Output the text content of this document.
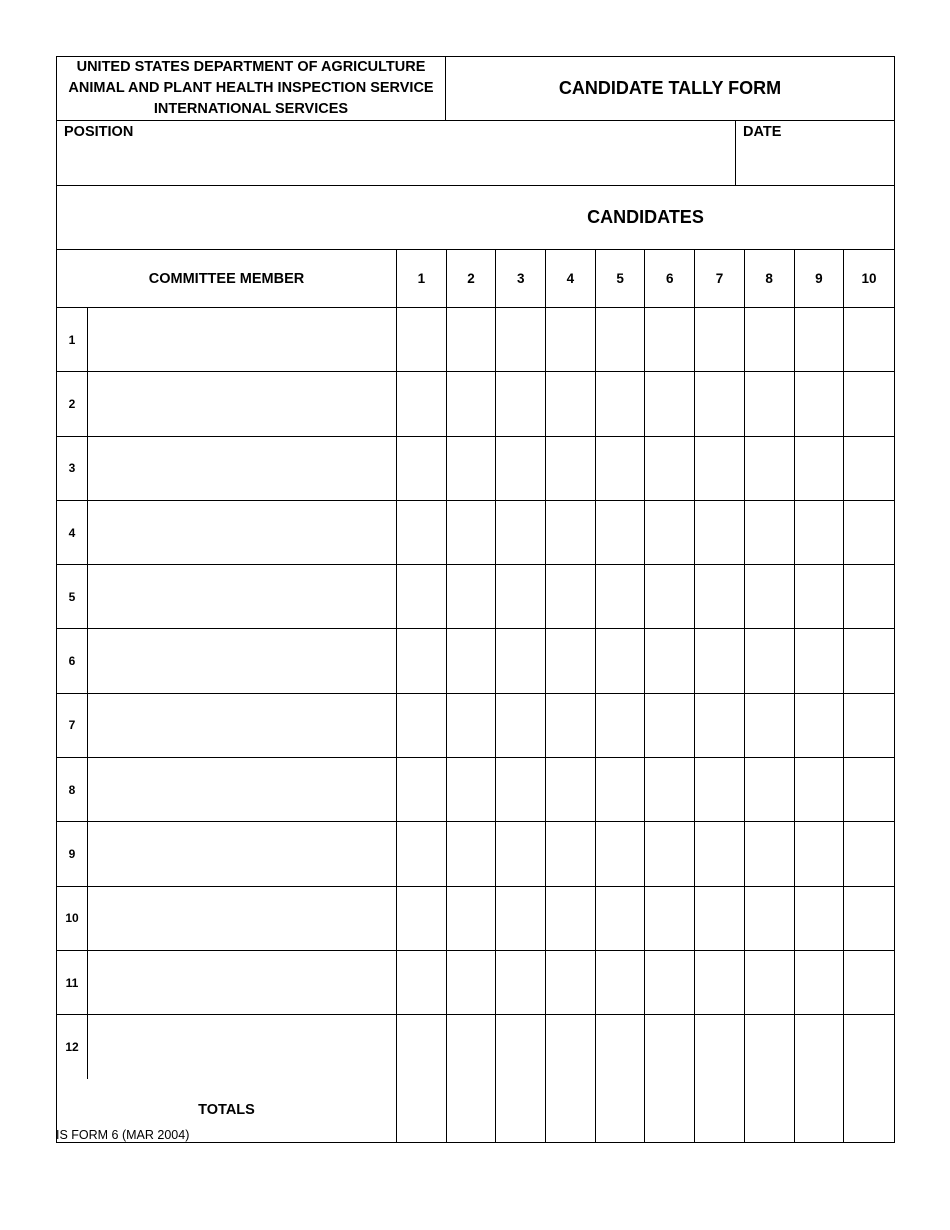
UNITED STATES DEPARTMENT OF AGRICULTURE
ANIMAL AND PLANT HEALTH INSPECTION SERVICE
INTERNATIONAL SERVICES
CANDIDATE TALLY FORM
POSITION	DATE
CANDIDATES
COMMITTEE MEMBER	1	2	3	4	5	6	7	8	9	10
1
2
3
4
5
6
7
8
9
10
11
12
TOTALS
IS FORM 6 (MAR 2004)
